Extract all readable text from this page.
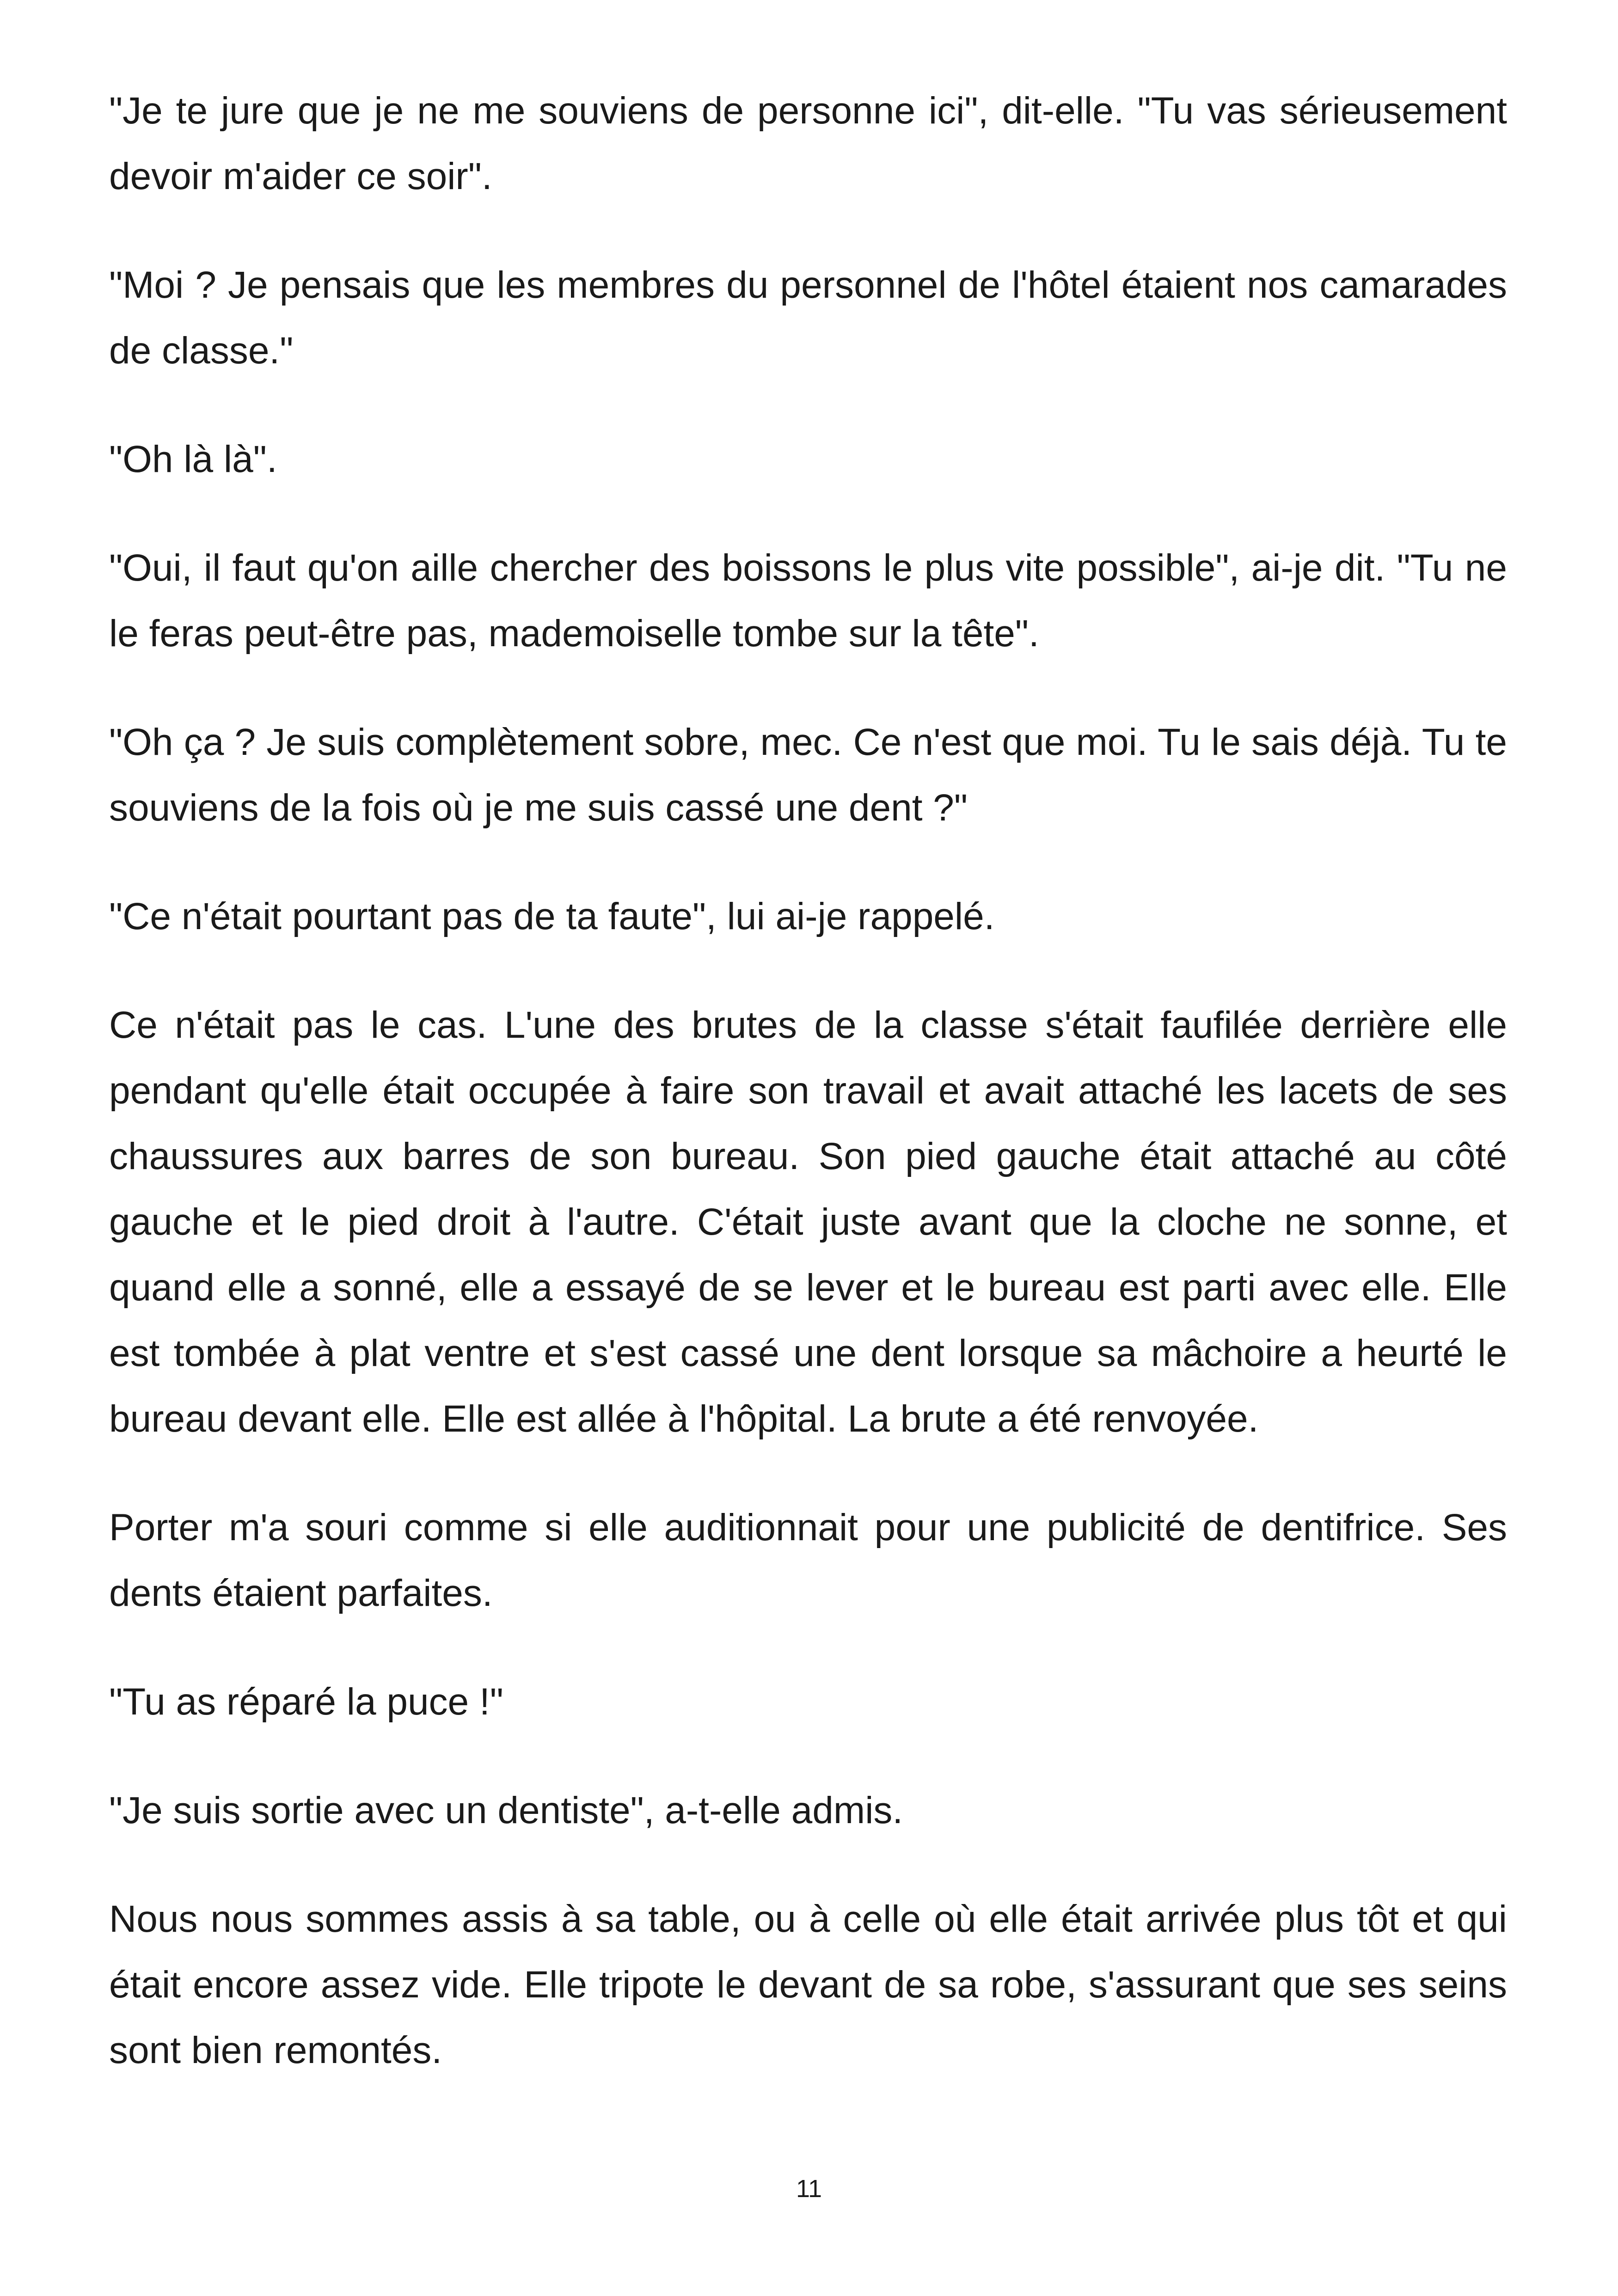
"Je te jure que je ne me souviens de personne ici", dit-elle. "Tu vas sérieusement devoir m'aider ce soir".

"Moi ? Je pensais que les membres du personnel de l'hôtel étaient nos camarades de classe."

"Oh là là".

"Oui, il faut qu'on aille chercher des boissons le plus vite possible", ai-je dit. "Tu ne le feras peut-être pas, mademoiselle tombe sur la tête".

"Oh ça ? Je suis complètement sobre, mec. Ce n'est que moi. Tu le sais déjà. Tu te souviens de la fois où je me suis cassé une dent ?"

"Ce n'était pourtant pas de ta faute", lui ai-je rappelé.

Ce n'était pas le cas. L'une des brutes de la classe s'était faufilée derrière elle pendant qu'elle était occupée à faire son travail et avait attaché les lacets de ses chaussures aux barres de son bureau. Son pied gauche était attaché au côté gauche et le pied droit à l'autre. C'était juste avant que la cloche ne sonne, et quand elle a sonné, elle a essayé de se lever et le bureau est parti avec elle. Elle est tombée à plat ventre et s'est cassé une dent lorsque sa mâchoire a heurté le bureau devant elle. Elle est allée à l'hôpital. La brute a été renvoyée.

Porter m'a souri comme si elle auditionnait pour une publicité de dentifrice. Ses dents étaient parfaites.

"Tu as réparé la puce !"

"Je suis sortie avec un dentiste", a-t-elle admis.

Nous nous sommes assis à sa table, ou à celle où elle était arrivée plus tôt et qui était encore assez vide. Elle tripote le devant de sa robe, s'assurant que ses seins sont bien remontés.

11
